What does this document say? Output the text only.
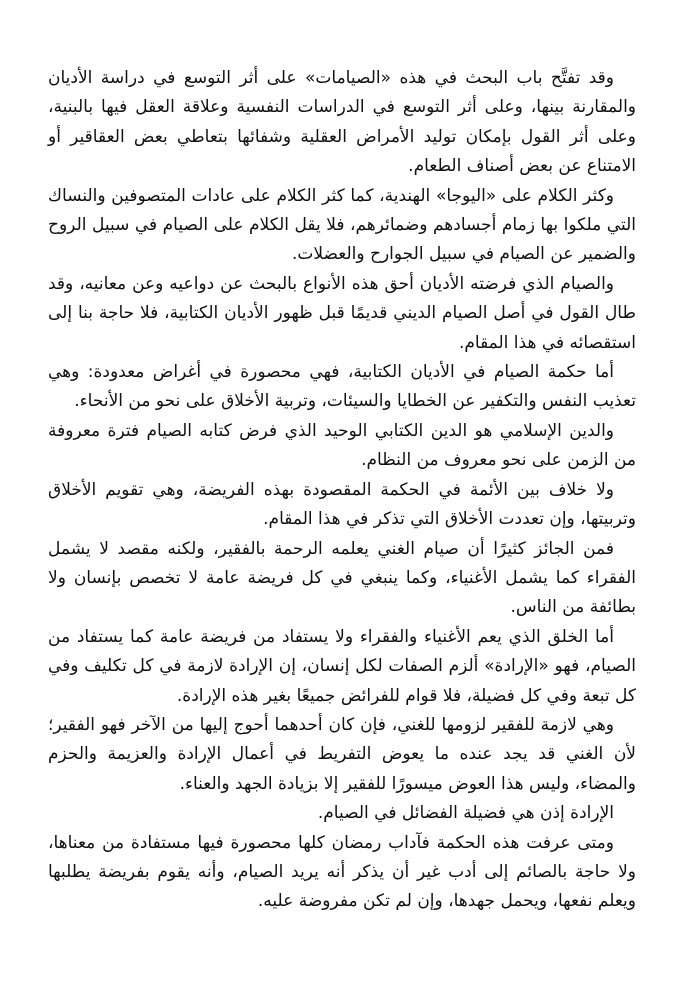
وقد تفتَّح باب البحث في هذه «الصيامات» على أثر التوسع في دراسة الأديان والمقارنة بينها، وعلى أثر التوسع في الدراسات النفسية وعلاقة العقل فيها بالبنية، وعلى أثر القول بإمكان توليد الأمراض العقلية وشفائها بتعاطي بعض العقاقير أو الامتناع عن بعض أصناف الطعام.

وكثر الكلام على «اليوجا» الهندية، كما كثر الكلام على عادات المتصوفين والنساك التي ملكوا بها زمام أجسادهم وضمائرهم، فلا يقل الكلام على الصيام في سبيل الروح والضمير عن الصيام في سبيل الجوارح والعضلات.

والصيام الذي فرضته الأديان أحق هذه الأنواع بالبحث عن دواعيه وعن معانيه، وقد طال القول في أصل الصيام الديني قديمًا قبل ظهور الأديان الكتابية، فلا حاجة بنا إلى استقصائه في هذا المقام.

أما حكمة الصيام في الأديان الكتابية، فهي محصورة في أغراض معدودة: وهي تعذيب النفس والتكفير عن الخطايا والسيئات، وتربية الأخلاق على نحو من الأنحاء.

والدين الإسلامي هو الدين الكتابي الوحيد الذي فرض كتابه الصيام فترة معروفة من الزمن على نحو معروف من النظام.

ولا خلاف بين الأئمة في الحكمة المقصودة بهذه الفريضة، وهي تقويم الأخلاق وتربيتها، وإن تعددت الأخلاق التي تذكر في هذا المقام.

فمن الجائز كثيرًا أن صيام الغني يعلمه الرحمة بالفقير، ولكنه مقصد لا يشمل الفقراء كما يشمل الأغنياء، وكما ينبغي في كل فريضة عامة لا تخصص بإنسان ولا بطائفة من الناس.

أما الخلق الذي يعم الأغنياء والفقراء ولا يستفاد من فريضة عامة كما يستفاد من الصيام، فهو «الإرادة» ألزم الصفات لكل إنسان، إن الإرادة لازمة في كل تكليف وفي كل تبعة وفي كل فضيلة، فلا قوام للفرائض جميعًا بغير هذه الإرادة.

وهي لازمة للفقير لزومها للغني، فإن كان أحدهما أحوج إليها من الآخر فهو الفقير؛ لأن الغني قد يجد عنده ما يعوض التفريط في أعمال الإرادة والعزيمة والحزم والمضاء، وليس هذا العوض ميسورًا للفقير إلا بزيادة الجهد والعناء.

الإرادة إذن هي فضيلة الفضائل في الصيام.

ومتى عرفت هذه الحكمة فآداب رمضان كلها محصورة فيها مستفادة من معناها، ولا حاجة بالصائم إلى أدب غير أن يذكر أنه يريد الصيام، وأنه يقوم بفريضة يطلبها ويعلم نفعها، ويحمل جهدها، وإن لم تكن مفروضة عليه.
